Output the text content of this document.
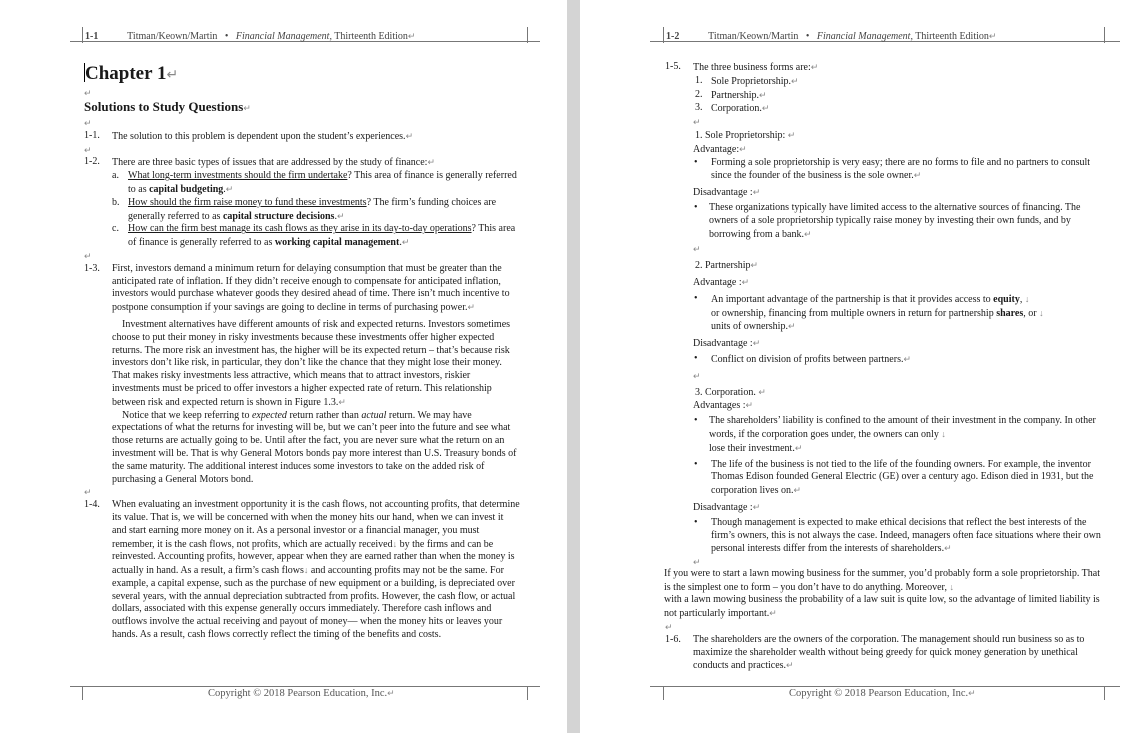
1-1	Titman/Keown/Martin • Financial Management, Thirteenth Edition↵

Chapter 1↵

↵

Solutions to Study Questions↵

↵
1-1.	The solution to this problem is dependent upon the student’s experiences.↵
↵
1-2.	There are three basic types of issues that are addressed by the study of finance:↵
a. What long-term investments should the firm undertake? This area of finance is generally referred to as capital budgeting.↵
b. How should the firm raise money to fund these investments? The firm’s funding choices are generally referred to as capital structure decisions.↵
c. How can the firm best manage its cash flows as they arise in its day-to-day operations? This area of finance is generally referred to as working capital management.↵
↵
1-3.	First, investors demand a minimum return for delaying consumption that must be greater than the anticipated rate of inflation. If they didn’t receive enough to compensate for anticipated inflation, investors would purchase whatever goods they desired ahead of time. There isn’t much incentive to postpone consumption if your savings are going to decline in terms of purchasing power.↵

Investment alternatives have different amounts of risk and expected returns. Investors sometimes choose to put their money in risky investments because these investments offer higher expected returns. The more risk an investment has, the higher will be its expected return – that’s because risk investors don’t like risk, in particular, they don’t like the chance that they might lose their money. That makes risky investments less attractive, which means that to attract investors, riskier investments must be priced to offer investors a higher expected rate of return. This relationship between risk and expected return is shown in Figure 1.3.↵

Notice that we keep referring to expected return rather than actual return. We may have expectations of what the returns for investing will be, but we can’t peer into the future and see what those returns are actually going to be. Until after the fact, you are never sure what the return on an investment will be. That is why General Motors bonds pay more interest than U.S. Treasury bonds of the same maturity. The additional interest induces some investors to take on the added risk of purchasing a General Motors bond.

↵
1-4.	When evaluating an investment opportunity it is the cash flows, not accounting profits, that determine its value. That is, we will be concerned with when the money hits our hand, when we can invest it and start earning more money on it. As a personal investor or a financial manager, you must remember, it is the cash flows, not profits, which are actually received↓ by the firms and can be reinvested. Accounting profits, however, appear when they are earned rather than when the money is actually in hand. As a result, a firm’s cash flows↓ and accounting profits may not be the same. For example, a capital expense, such as the purchase of new equipment or a building, is depreciated over several years, with the annual depreciation subtracted from profits. However, the cash flow, or actual dollars, associated with this expense generally occurs immediately. Therefore cash inflows and outflows involve the actual receiving and payout of money— when the money hits or leaves your hands. As a result, cash flows correctly reflect the timing of the benefits and costs.
Copyright © 2018 Pearson Education, Inc.↵
1-2	Titman/Keown/Martin • Financial Management, Thirteenth Edition↵
1-5.	The three business forms are:↵
1. Sole Proprietorship.↵
2. Partnership.↵
3. Corporation.↵
↵
1. Sole Proprietorship: ↵
Advantage:↵
•	Forming a sole proprietorship is very easy; there are no forms to file and no partners to consult since the founder of the business is the sole owner.↵
Disadvantage :↵
•	These organizations typically have limited access to the alternative sources of financing. The owners of a sole proprietorship typically raise money by investing their own funds, and by borrowing from a bank.↵
↵
2. Partnership↵
Advantage :↵
•	An important advantage of the partnership is that it provides access to equity, ↓
or ownership, financing from multiple owners in return for partnership shares, or ↓
units of ownership.↵
Disadvantage :↵
•	Conflict on division of profits between partners.↵
↵
3. Corporation. ↵
Advantages :↵
•	The shareholders’ liability is confined to the amount of their investment in the company. In other words, if the corporation goes under, the owners can only ↓
lose their investment.↵
•	The life of the business is not tied to the life of the founding owners. For example, the inventor Thomas Edison founded General Electric (GE) over a century ago. Edison died in 1931, but the corporation lives on.↵
Disadvantage :↵
•	Though management is expected to make ethical decisions that reflect the best interests of the firm’s owners, this is not always the case. Indeed, managers often face situations where their own personal interests differ from the interests of shareholders.↵
↵
If you were to start a lawn mowing business for the summer, you’d probably form a sole proprietorship. That is the simplest one to form – you don’t have to do anything. Moreover, ↓
with a lawn mowing business the probability of a law suit is quite low, so the advantage of limited liability is not particularly important.↵
↵
1-6.	The shareholders are the owners of the corporation. The management should run business so as to maximize the shareholder wealth without being greedy for quick money generation by unethical conducts and practices.↵
Copyright © 2018 Pearson Education, Inc.↵
